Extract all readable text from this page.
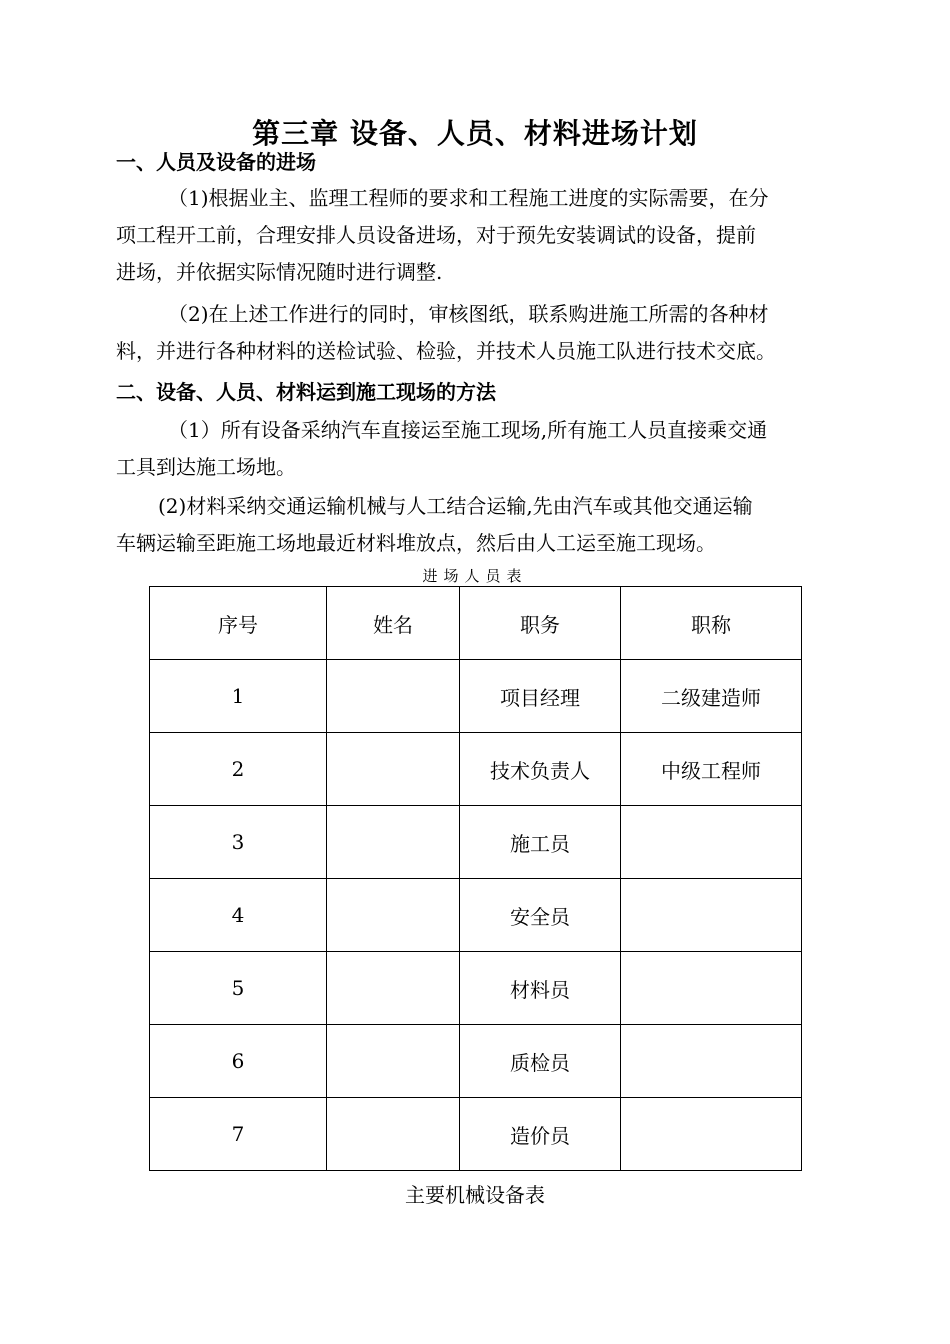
第三章 设备、人员、材料进场计划
一、人员及设备的进场
（1)根据业主、监理工程师的要求和工程施工进度的实际需要，在分
项工程开工前，合理安排人员设备进场，对于预先安装调试的设备，提前
进场，并依据实际情况随时进行调整.
（2)在上述工作进行的同时，审核图纸，联系购进施工所需的各种材
料，并进行各种材料的送检试验、检验，并技术人员施工队进行技术交底。
二、设备、人员、材料运到施工现场的方法
（1）所有设备采纳汽车直接运至施工现场,所有施工人员直接乘交通
工具到达施工场地。
(2)材料采纳交通运输机械与人工结合运输,先由汽车或其他交通运输
车辆运输至距施工场地最近材料堆放点，然后由人工运至施工现场。
进场人员表
序号	姓名	职务	职称
1		项目经理	二级建造师
2		技术负责人	中级工程师
3		施工员	
4		安全员	
5		材料员	
6		质检员	
7		造价员	
主要机械设备表
